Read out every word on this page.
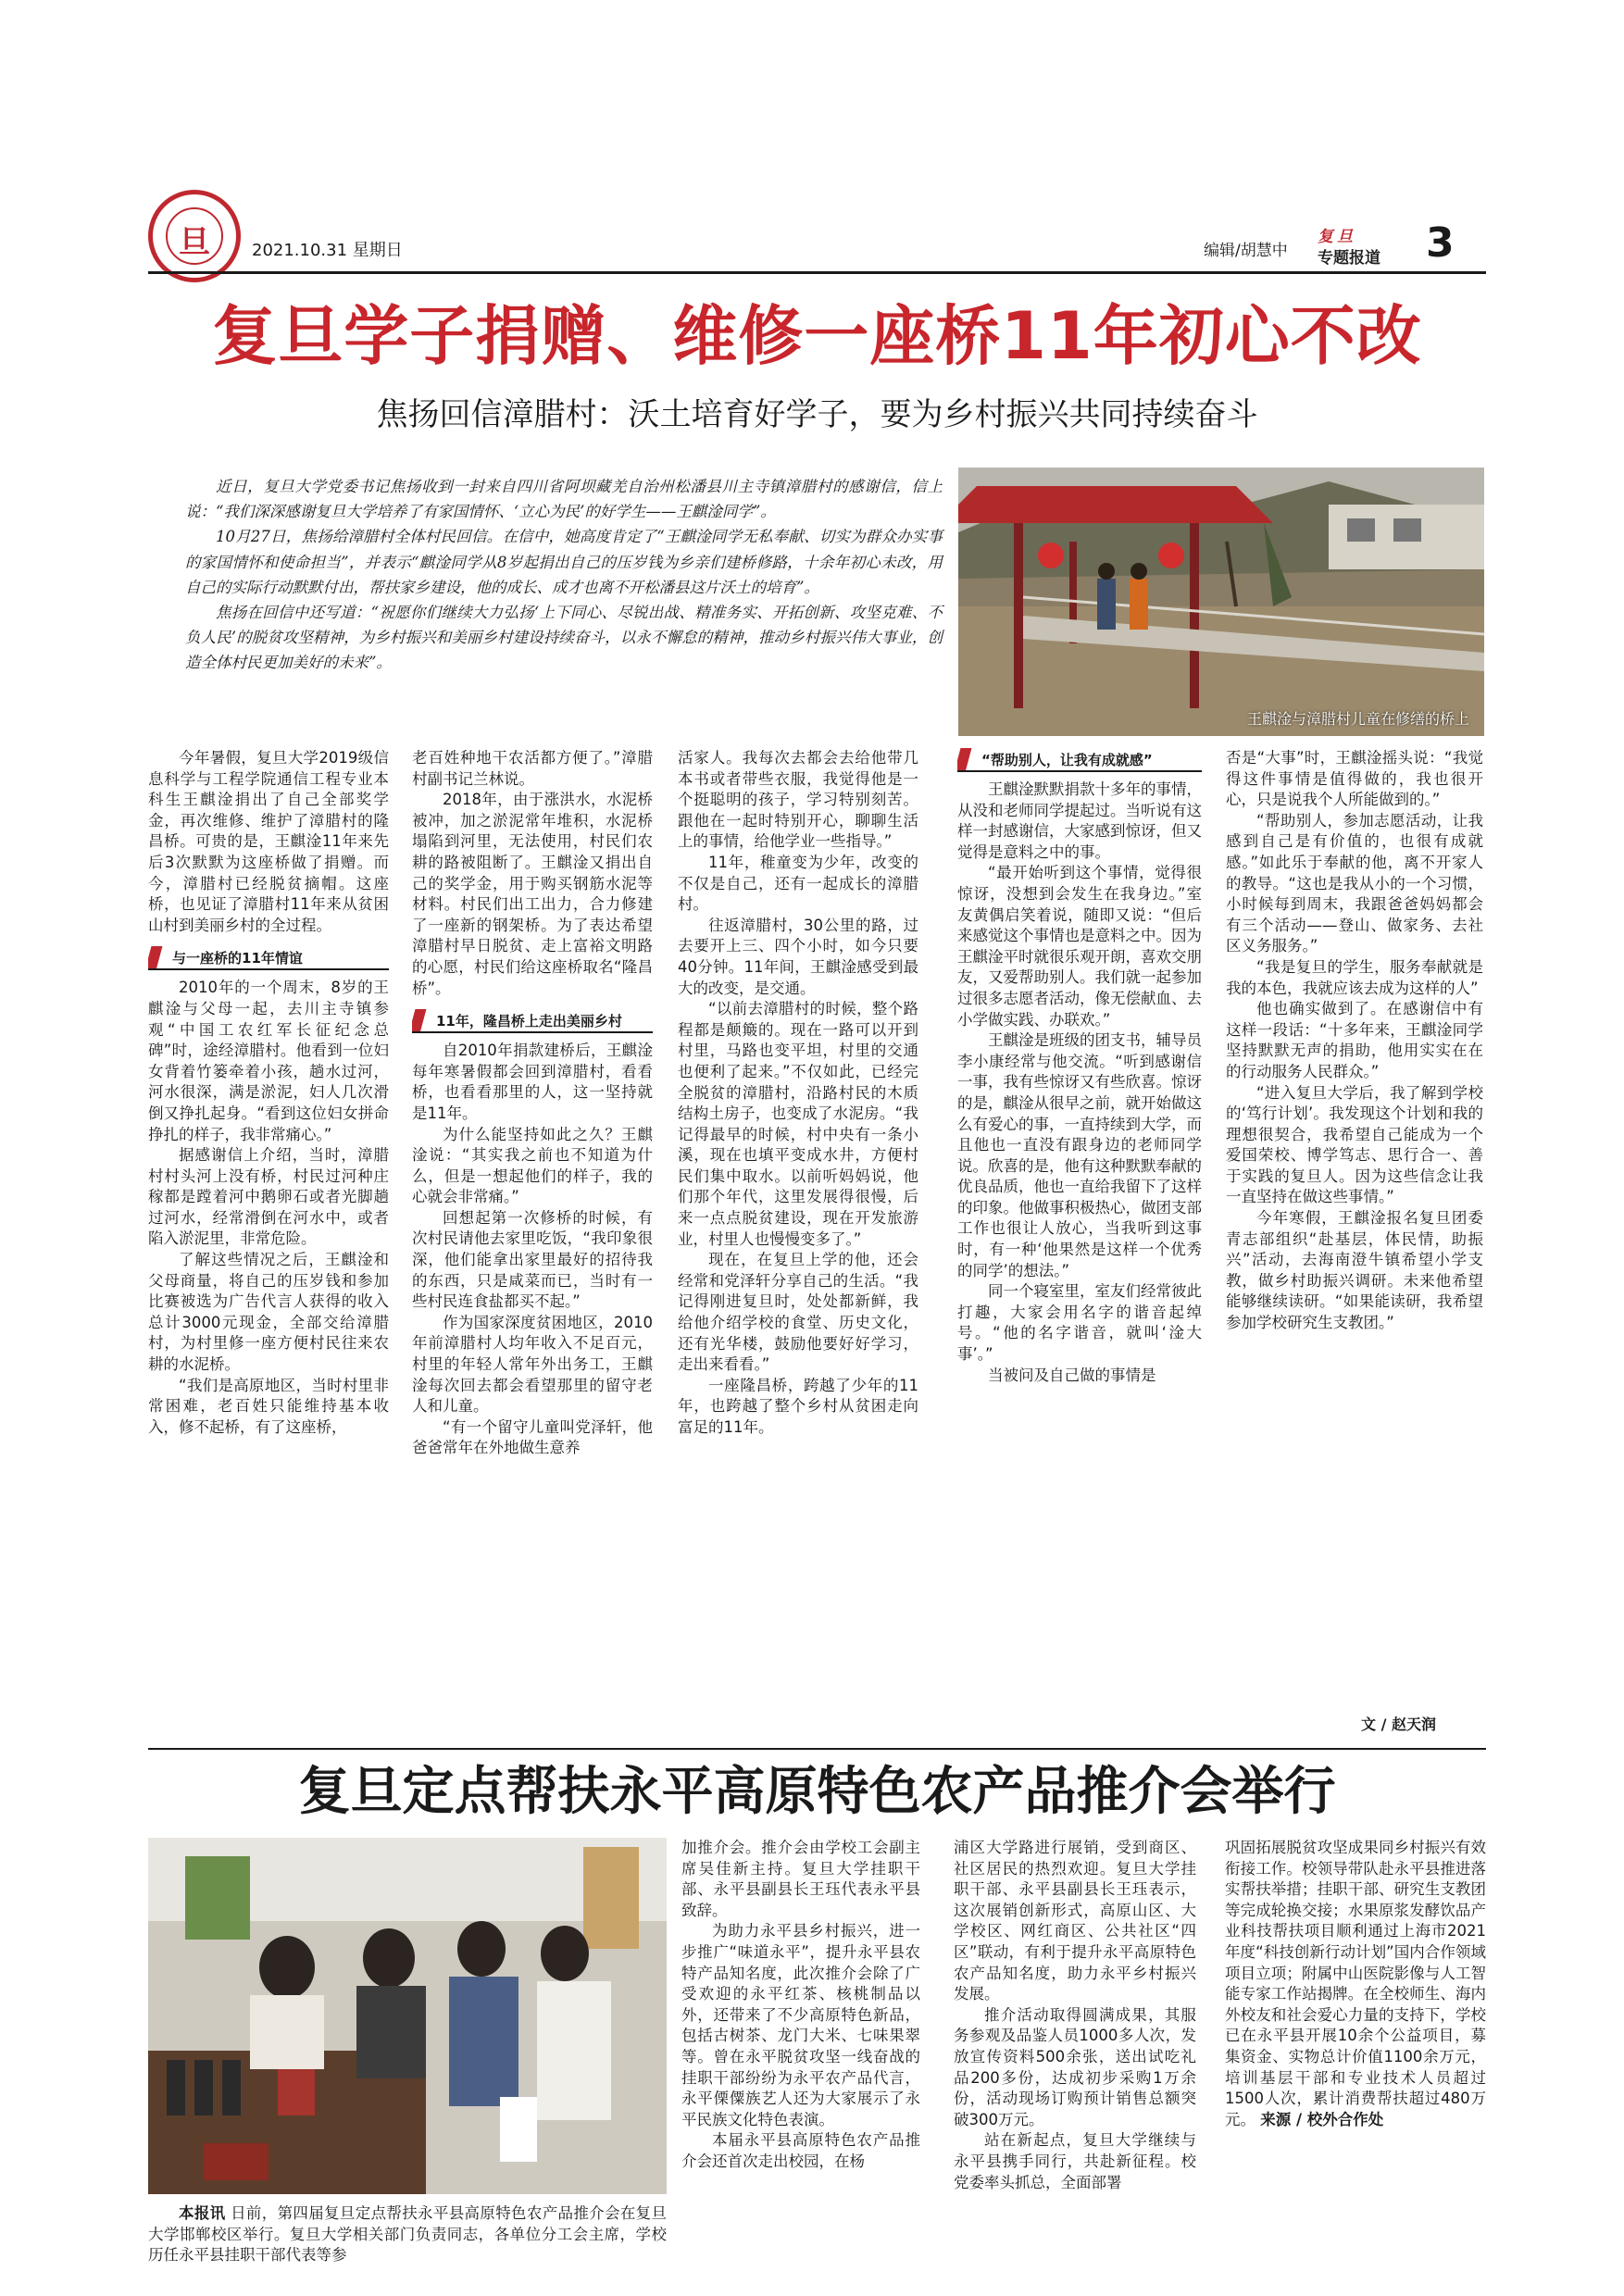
旦	2021.10.31 星期日	编辑/胡慧中
复旦
专题报道 3
复旦学子捐赠、维修一座桥11年初心不改
焦扬回信漳腊村：沃土培育好学子，要为乡村振兴共同持续奋斗

近日，复旦大学党委书记焦扬收到一封来自四川省阿坝藏羌自治州松潘县川主寺镇漳腊村的感谢信，信上说：“我们深深感谢复旦大学培养了有家国情怀、‘立心为民’的好学生——王麒淦同学”。

10月27日，焦扬给漳腊村全体村民回信。在信中，她高度肯定了“王麒淦同学无私奉献、切实为群众办实事的家国情怀和使命担当”，并表示“麒淦同学从8岁起捐出自己的压岁钱为乡亲们建桥修路，十余年初心未改，用自己的实际行动默默付出，帮扶家乡建设，他的成长、成才也离不开松潘县这片沃土的培育”。

焦扬在回信中还写道：“祝愿你们继续大力弘扬‘上下同心、尽锐出战、精准务实、开拓创新、攻坚克难、不负人民’的脱贫攻坚精神，为乡村振兴和美丽乡村建设持续奋斗，以永不懈怠的精神，推动乡村振兴伟大事业，创造全体村民更加美好的未来”。

王麒淦与漳腊村儿童在修缮的桥上

今年暑假，复旦大学2019级信息科学与工程学院通信工程专业本科生王麒淦捐出了自己全部奖学金，再次维修、维护了漳腊村的隆昌桥。可贵的是，王麒淦11年来先后3次默默为这座桥做了捐赠。而今，漳腊村已经脱贫摘帽。这座桥，也见证了漳腊村11年来从贫困山村到美丽乡村的全过程。

与一座桥的11年情谊

2010年的一个周末，8岁的王麒淦与父母一起，去川主寺镇参观“中国工农红军长征纪念总碑”时，途经漳腊村。他看到一位妇女背着竹篓牵着小孩，趟水过河，河水很深，满是淤泥，妇人几次滑倒又挣扎起身。“看到这位妇女拼命挣扎的样子，我非常痛心。”

据感谢信上介绍，当时，漳腊村村头河上没有桥，村民过河种庄稼都是蹚着河中鹅卵石或者光脚趟过河水，经常滑倒在河水中，或者陷入淤泥里，非常危险。

了解这些情况之后，王麒淦和父母商量，将自己的压岁钱和参加比赛被选为广告代言人获得的收入总计3000元现金，全部交给漳腊村，为村里修一座方便村民往来农耕的水泥桥。

“我们是高原地区，当时村里非常困难，老百姓只能维持基本收入，修不起桥，有了这座桥，

老百姓种地干农活都方便了。”漳腊村副书记兰林说。

2018年，由于涨洪水，水泥桥被冲，加之淤泥常年堆积，水泥桥塌陷到河里，无法使用，村民们农耕的路被阻断了。王麒淦又捐出自己的奖学金，用于购买钢筋水泥等材料。村民们出工出力，合力修建了一座新的钢架桥。为了表达希望漳腊村早日脱贫、走上富裕文明路的心愿，村民们给这座桥取名“隆昌桥”。

11年，隆昌桥上走出美丽乡村

自2010年捐款建桥后，王麒淦每年寒暑假都会回到漳腊村，看看桥，也看看那里的人，这一坚持就是11年。

为什么能坚持如此之久？王麒淦说：“其实我之前也不知道为什么，但是一想起他们的样子，我的心就会非常痛。”

回想起第一次修桥的时候，有次村民请他去家里吃饭，“我印象很深，他们能拿出家里最好的招待我的东西，只是咸菜而已，当时有一些村民连食盐都买不起。”

作为国家深度贫困地区，2010年前漳腊村人均年收入不足百元，村里的年轻人常年外出务工，王麒淦每次回去都会看望那里的留守老人和儿童。

“有一个留守儿童叫党泽轩，他爸爸常年在外地做生意养

活家人。我每次去都会去给他带几本书或者带些衣服，我觉得他是一个挺聪明的孩子，学习特别刻苦。跟他在一起时特别开心，聊聊生活上的事情，给他学业一些指导。”

11年，稚童变为少年，改变的不仅是自己，还有一起成长的漳腊村。

往返漳腊村，30公里的路，过去要开上三、四个小时，如今只要40分钟。11年间，王麒淦感受到最大的改变，是交通。

“以前去漳腊村的时候，整个路程都是颠簸的。现在一路可以开到村里，马路也变平坦，村里的交通也便利了起来。”不仅如此，已经完全脱贫的漳腊村，沿路村民的木质结构土房子，也变成了水泥房。“我记得最早的时候，村中央有一条小溪，现在也填平变成水井，方便村民们集中取水。以前听妈妈说，他们那个年代，这里发展得很慢，后来一点点脱贫建设，现在开发旅游业，村里人也慢慢变多了。”

现在，在复旦上学的他，还会经常和党泽轩分享自己的生活。“我记得刚进复旦时，处处都新鲜，我给他介绍学校的食堂、历史文化，还有光华楼，鼓励他要好好学习，走出来看看。”

一座隆昌桥，跨越了少年的11年，也跨越了整个乡村从贫困走向富足的11年。

“帮助别人，让我有成就感”

王麒淦默默捐款十多年的事情，从没和老师同学提起过。当听说有这样一封感谢信，大家感到惊讶，但又觉得是意料之中的事。

“最开始听到这个事情，觉得很惊讶，没想到会发生在我身边。”室友黄偶启笑着说，随即又说：“但后来感觉这个事情也是意料之中。因为王麒淦平时就很乐观开朗，喜欢交朋友，又爱帮助别人。我们就一起参加过很多志愿者活动，像无偿献血、去小学做实践、办联欢。”

王麒淦是班级的团支书，辅导员李小康经常与他交流。“听到感谢信一事，我有些惊讶又有些欣喜。惊讶的是，麒淦从很早之前，就开始做这么有爱心的事，一直持续到大学，而且他也一直没有跟身边的老师同学说。欣喜的是，他有这种默默奉献的优良品质，他也一直给我留下了这样的印象。他做事积极热心，做团支部工作也很让人放心，当我听到这事时，有一种‘他果然是这样一个优秀的同学’的想法。”

同一个寝室里，室友们经常彼此打趣，大家会用名字的谐音起绰号。“他的名字谐音，就叫‘淦大事’。”

当被问及自己做的事情是

否是“大事”时，王麒淦摇头说：“我觉得这件事情是值得做的，我也很开心，只是说我个人所能做到的。”

“帮助别人，参加志愿活动，让我感到自己是有价值的，也很有成就感。”如此乐于奉献的他，离不开家人的教导。“这也是我从小的一个习惯，小时候每到周末，我跟爸爸妈妈都会有三个活动——登山、做家务、去社区义务服务。”

“我是复旦的学生，服务奉献就是我的本色，我就应该去成为这样的人”

他也确实做到了。在感谢信中有这样一段话：“十多年来，王麒淦同学坚持默默无声的捐助，他用实实在在的行动服务人民群众。”

“进入复旦大学后，我了解到学校的‘笃行计划’。我发现这个计划和我的理想很契合，我希望自己能成为一个爱国荣校、博学笃志、思行合一、善于实践的复旦人。因为这些信念让我一直坚持在做这些事情。”

今年寒假，王麒淦报名复旦团委青志部组织“赴基层，体民情，助振兴”活动，去海南澄牛镇希望小学支教，做乡村助振兴调研。未来他希望能够继续读研。“如果能读研，我希望参加学校研究生支教团。”

文 / 赵天润
复旦定点帮扶永平高原特色农产品推介会举行

本报讯 日前，第四届复旦定点帮扶永平县高原特色农产品推介会在复旦大学邯郸校区举行。复旦大学相关部门负责同志，各单位分工会主席，学校历任永平县挂职干部代表等参

加推介会。推介会由学校工会副主席吴佳新主持。复旦大学挂职干部、永平县副县长王珏代表永平县致辞。

为助力永平县乡村振兴，进一步推广“味道永平”，提升永平县农特产品知名度，此次推介会除了广受欢迎的永平红茶、核桃制品以外，还带来了不少高原特色新品，包括古树茶、龙门大米、七味果翠等。曾在永平脱贫攻坚一线奋战的挂职干部纷纷为永平农产品代言，永平傈僳族艺人还为大家展示了永平民族文化特色表演。

本届永平县高原特色农产品推介会还首次走出校园，在杨

浦区大学路进行展销，受到商区、社区居民的热烈欢迎。复旦大学挂职干部、永平县副县长王珏表示，这次展销创新形式，高原山区、大学校区、网红商区、公共社区“四区”联动，有利于提升永平高原特色农产品知名度，助力永平乡村振兴发展。

推介活动取得圆满成果，其服务参观及品鉴人员1000多人次，发放宣传资料500余张，送出试吃礼品200多份，达成初步采购1万余份，活动现场订购预计销售总额突破300万元。

站在新起点，复旦大学继续与永平县携手同行，共赴新征程。校党委率头抓总，全面部署

巩固拓展脱贫攻坚成果同乡村振兴有效衔接工作。校领导带队赴永平县推进落实帮扶举措；挂职干部、研究生支教团等完成轮换交接；水果原浆发酵饮品产业科技帮扶项目顺利通过上海市2021年度“科技创新行动计划”国内合作领域项目立项；附属中山医院影像与人工智能专家工作站揭牌。在全校师生、海内外校友和社会爱心力量的支持下，学校已在永平县开展10余个公益项目，募集资金、实物总计价值1100余万元，培训基层干部和专业技术人员超过1500人次，累计消费帮扶超过480万元。 来源 / 校外合作处
